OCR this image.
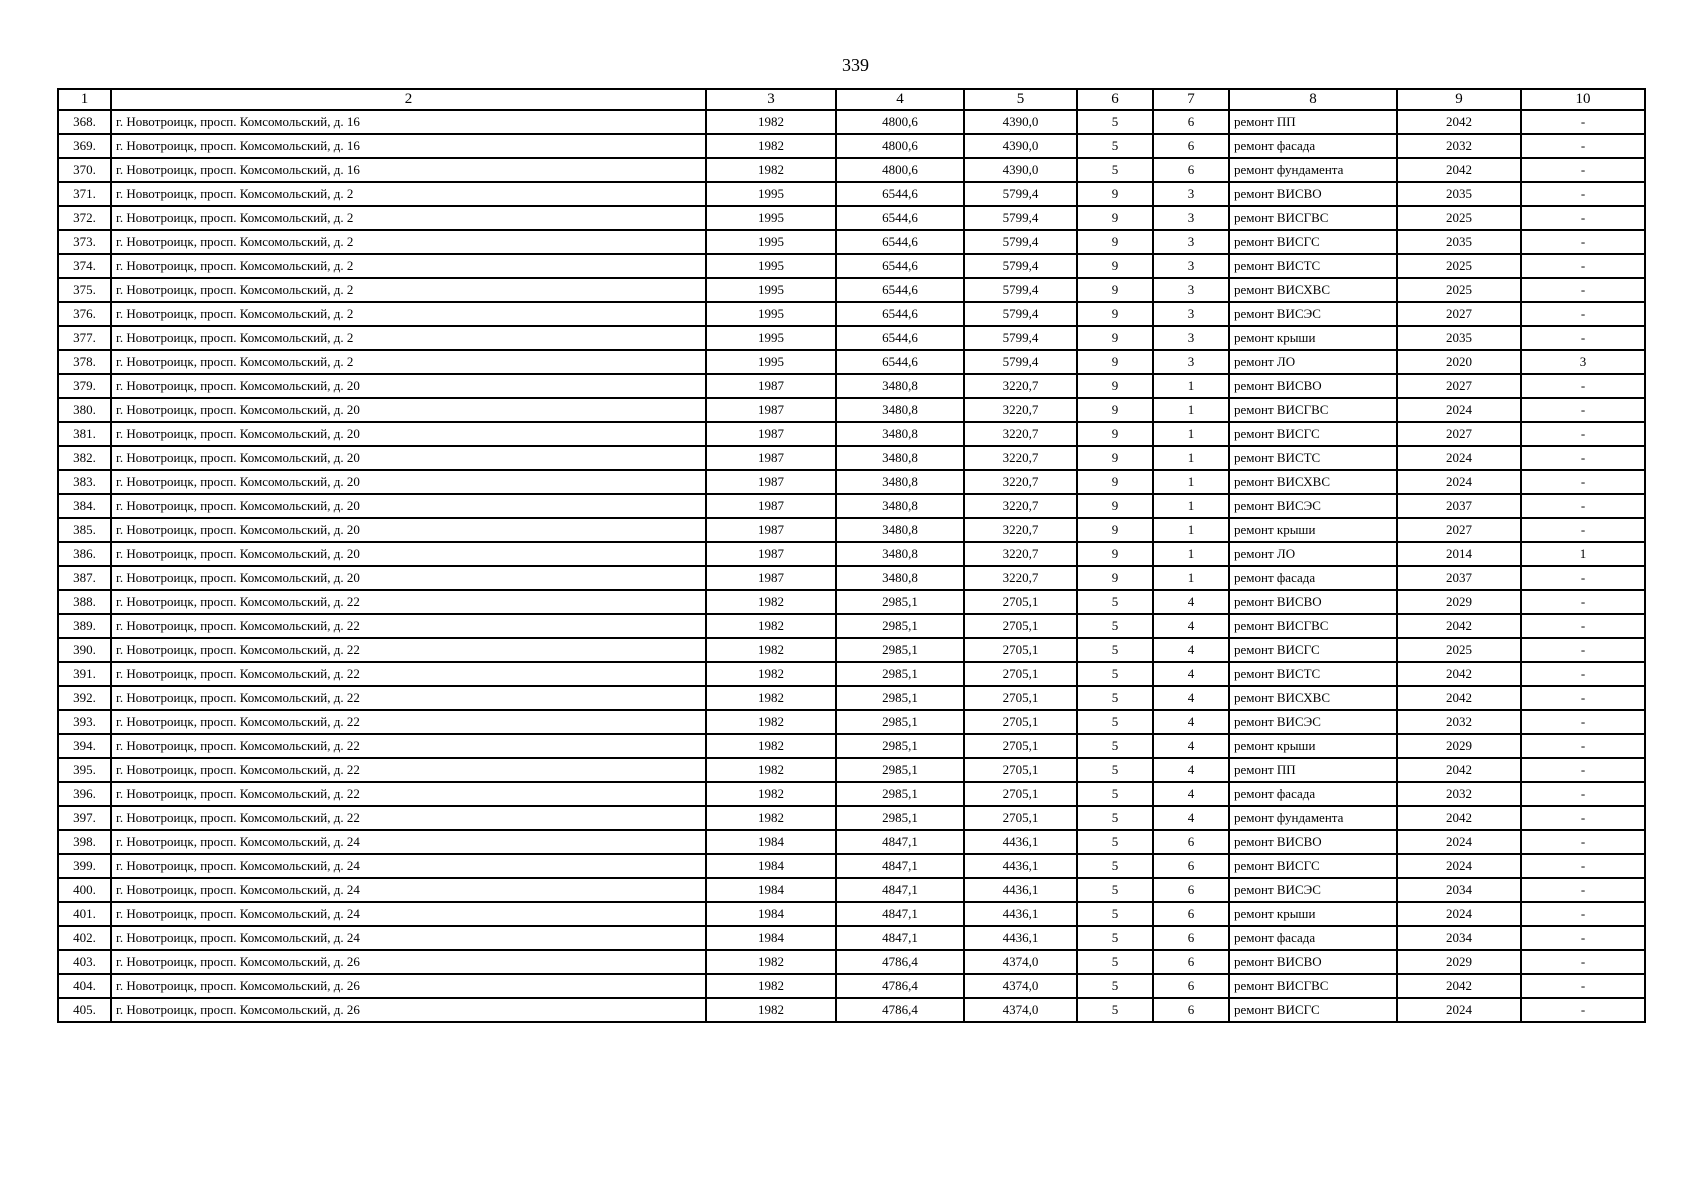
339
1	2	3	4	5	6	7	8	9	10
368.	г. Новотроицк, просп. Комсомольский, д. 16	1982	4800,6	4390,0	5	6	ремонт ПП	2042	-
369.	г. Новотроицк, просп. Комсомольский, д. 16	1982	4800,6	4390,0	5	6	ремонт фасада	2032	-
370.	г. Новотроицк, просп. Комсомольский, д. 16	1982	4800,6	4390,0	5	6	ремонт фундамента	2042	-
371.	г. Новотроицк, просп. Комсомольский, д. 2	1995	6544,6	5799,4	9	3	ремонт ВИСВО	2035	-
372.	г. Новотроицк, просп. Комсомольский, д. 2	1995	6544,6	5799,4	9	3	ремонт ВИСГВС	2025	-
373.	г. Новотроицк, просп. Комсомольский, д. 2	1995	6544,6	5799,4	9	3	ремонт ВИСГС	2035	-
374.	г. Новотроицк, просп. Комсомольский, д. 2	1995	6544,6	5799,4	9	3	ремонт ВИСТС	2025	-
375.	г. Новотроицк, просп. Комсомольский, д. 2	1995	6544,6	5799,4	9	3	ремонт ВИСХВС	2025	-
376.	г. Новотроицк, просп. Комсомольский, д. 2	1995	6544,6	5799,4	9	3	ремонт ВИСЭС	2027	-
377.	г. Новотроицк, просп. Комсомольский, д. 2	1995	6544,6	5799,4	9	3	ремонт крыши	2035	-
378.	г. Новотроицк, просп. Комсомольский, д. 2	1995	6544,6	5799,4	9	3	ремонт ЛО	2020	3
379.	г. Новотроицк, просп. Комсомольский, д. 20	1987	3480,8	3220,7	9	1	ремонт ВИСВО	2027	-
380.	г. Новотроицк, просп. Комсомольский, д. 20	1987	3480,8	3220,7	9	1	ремонт ВИСГВС	2024	-
381.	г. Новотроицк, просп. Комсомольский, д. 20	1987	3480,8	3220,7	9	1	ремонт ВИСГС	2027	-
382.	г. Новотроицк, просп. Комсомольский, д. 20	1987	3480,8	3220,7	9	1	ремонт ВИСТС	2024	-
383.	г. Новотроицк, просп. Комсомольский, д. 20	1987	3480,8	3220,7	9	1	ремонт ВИСХВС	2024	-
384.	г. Новотроицк, просп. Комсомольский, д. 20	1987	3480,8	3220,7	9	1	ремонт ВИСЭС	2037	-
385.	г. Новотроицк, просп. Комсомольский, д. 20	1987	3480,8	3220,7	9	1	ремонт крыши	2027	-
386.	г. Новотроицк, просп. Комсомольский, д. 20	1987	3480,8	3220,7	9	1	ремонт ЛО	2014	1
387.	г. Новотроицк, просп. Комсомольский, д. 20	1987	3480,8	3220,7	9	1	ремонт фасада	2037	-
388.	г. Новотроицк, просп. Комсомольский, д. 22	1982	2985,1	2705,1	5	4	ремонт ВИСВО	2029	-
389.	г. Новотроицк, просп. Комсомольский, д. 22	1982	2985,1	2705,1	5	4	ремонт ВИСГВС	2042	-
390.	г. Новотроицк, просп. Комсомольский, д. 22	1982	2985,1	2705,1	5	4	ремонт ВИСГС	2025	-
391.	г. Новотроицк, просп. Комсомольский, д. 22	1982	2985,1	2705,1	5	4	ремонт ВИСТС	2042	-
392.	г. Новотроицк, просп. Комсомольский, д. 22	1982	2985,1	2705,1	5	4	ремонт ВИСХВС	2042	-
393.	г. Новотроицк, просп. Комсомольский, д. 22	1982	2985,1	2705,1	5	4	ремонт ВИСЭС	2032	-
394.	г. Новотроицк, просп. Комсомольский, д. 22	1982	2985,1	2705,1	5	4	ремонт крыши	2029	-
395.	г. Новотроицк, просп. Комсомольский, д. 22	1982	2985,1	2705,1	5	4	ремонт ПП	2042	-
396.	г. Новотроицк, просп. Комсомольский, д. 22	1982	2985,1	2705,1	5	4	ремонт фасада	2032	-
397.	г. Новотроицк, просп. Комсомольский, д. 22	1982	2985,1	2705,1	5	4	ремонт фундамента	2042	-
398.	г. Новотроицк, просп. Комсомольский, д. 24	1984	4847,1	4436,1	5	6	ремонт ВИСВО	2024	-
399.	г. Новотроицк, просп. Комсомольский, д. 24	1984	4847,1	4436,1	5	6	ремонт ВИСГС	2024	-
400.	г. Новотроицк, просп. Комсомольский, д. 24	1984	4847,1	4436,1	5	6	ремонт ВИСЭС	2034	-
401.	г. Новотроицк, просп. Комсомольский, д. 24	1984	4847,1	4436,1	5	6	ремонт крыши	2024	-
402.	г. Новотроицк, просп. Комсомольский, д. 24	1984	4847,1	4436,1	5	6	ремонт фасада	2034	-
403.	г. Новотроицк, просп. Комсомольский, д. 26	1982	4786,4	4374,0	5	6	ремонт ВИСВО	2029	-
404.	г. Новотроицк, просп. Комсомольский, д. 26	1982	4786,4	4374,0	5	6	ремонт ВИСГВС	2042	-
405.	г. Новотроицк, просп. Комсомольский, д. 26	1982	4786,4	4374,0	5	6	ремонт ВИСГС	2024	-
